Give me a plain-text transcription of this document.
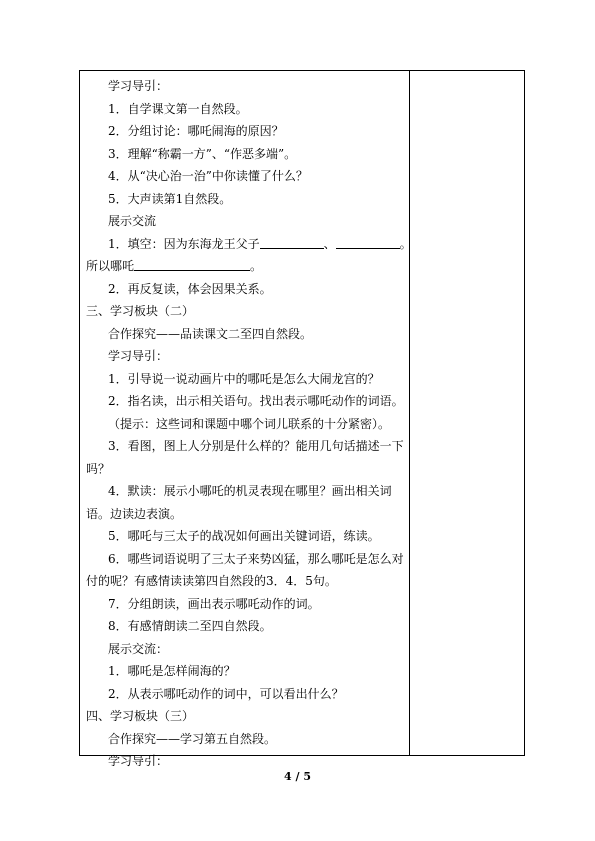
学习导引：
1．自学课文第一自然段。
2．分组讨论：哪吒闹海的原因？
3．理解“称霸一方”、“作恶多端”。
4．从“决心治一治”中你读懂了什么？
5．大声读第1自然段。
展示交流
1．填空：因为东海龙王父子	、	。
所以哪吒	。
2．再反复读，体会因果关系。
三、学习板块（二）
合作探究——品读课文二至四自然段。
学习导引：
1．引导说一说动画片中的哪吒是怎么大闹龙宫的？
2．指名读，出示相关语句。找出表示哪吒动作的词语。
（提示：这些词和课题中哪个词儿联系的十分紧密）。
3．看图，图上人分别是什么样的？能用几句话描述一下
吗？
4．默读：展示小哪吒的机灵表现在哪里？画出相关词
语。边读边表演。
5．哪吒与三太子的战况如何画出关键词语，练读。
6．哪些词语说明了三太子来势凶猛，那么哪吒是怎么对
付的呢？有感情读读第四自然段的3．4．5句。
7．分组朗读，画出表示哪吒动作的词。
8．有感情朗读二至四自然段。
展示交流：
1．哪吒是怎样闹海的？
2．从表示哪吒动作的词中，可以看出什么？
四、学习板块（三）
合作探究——学习第五自然段。
学习导引：
4 / 5
